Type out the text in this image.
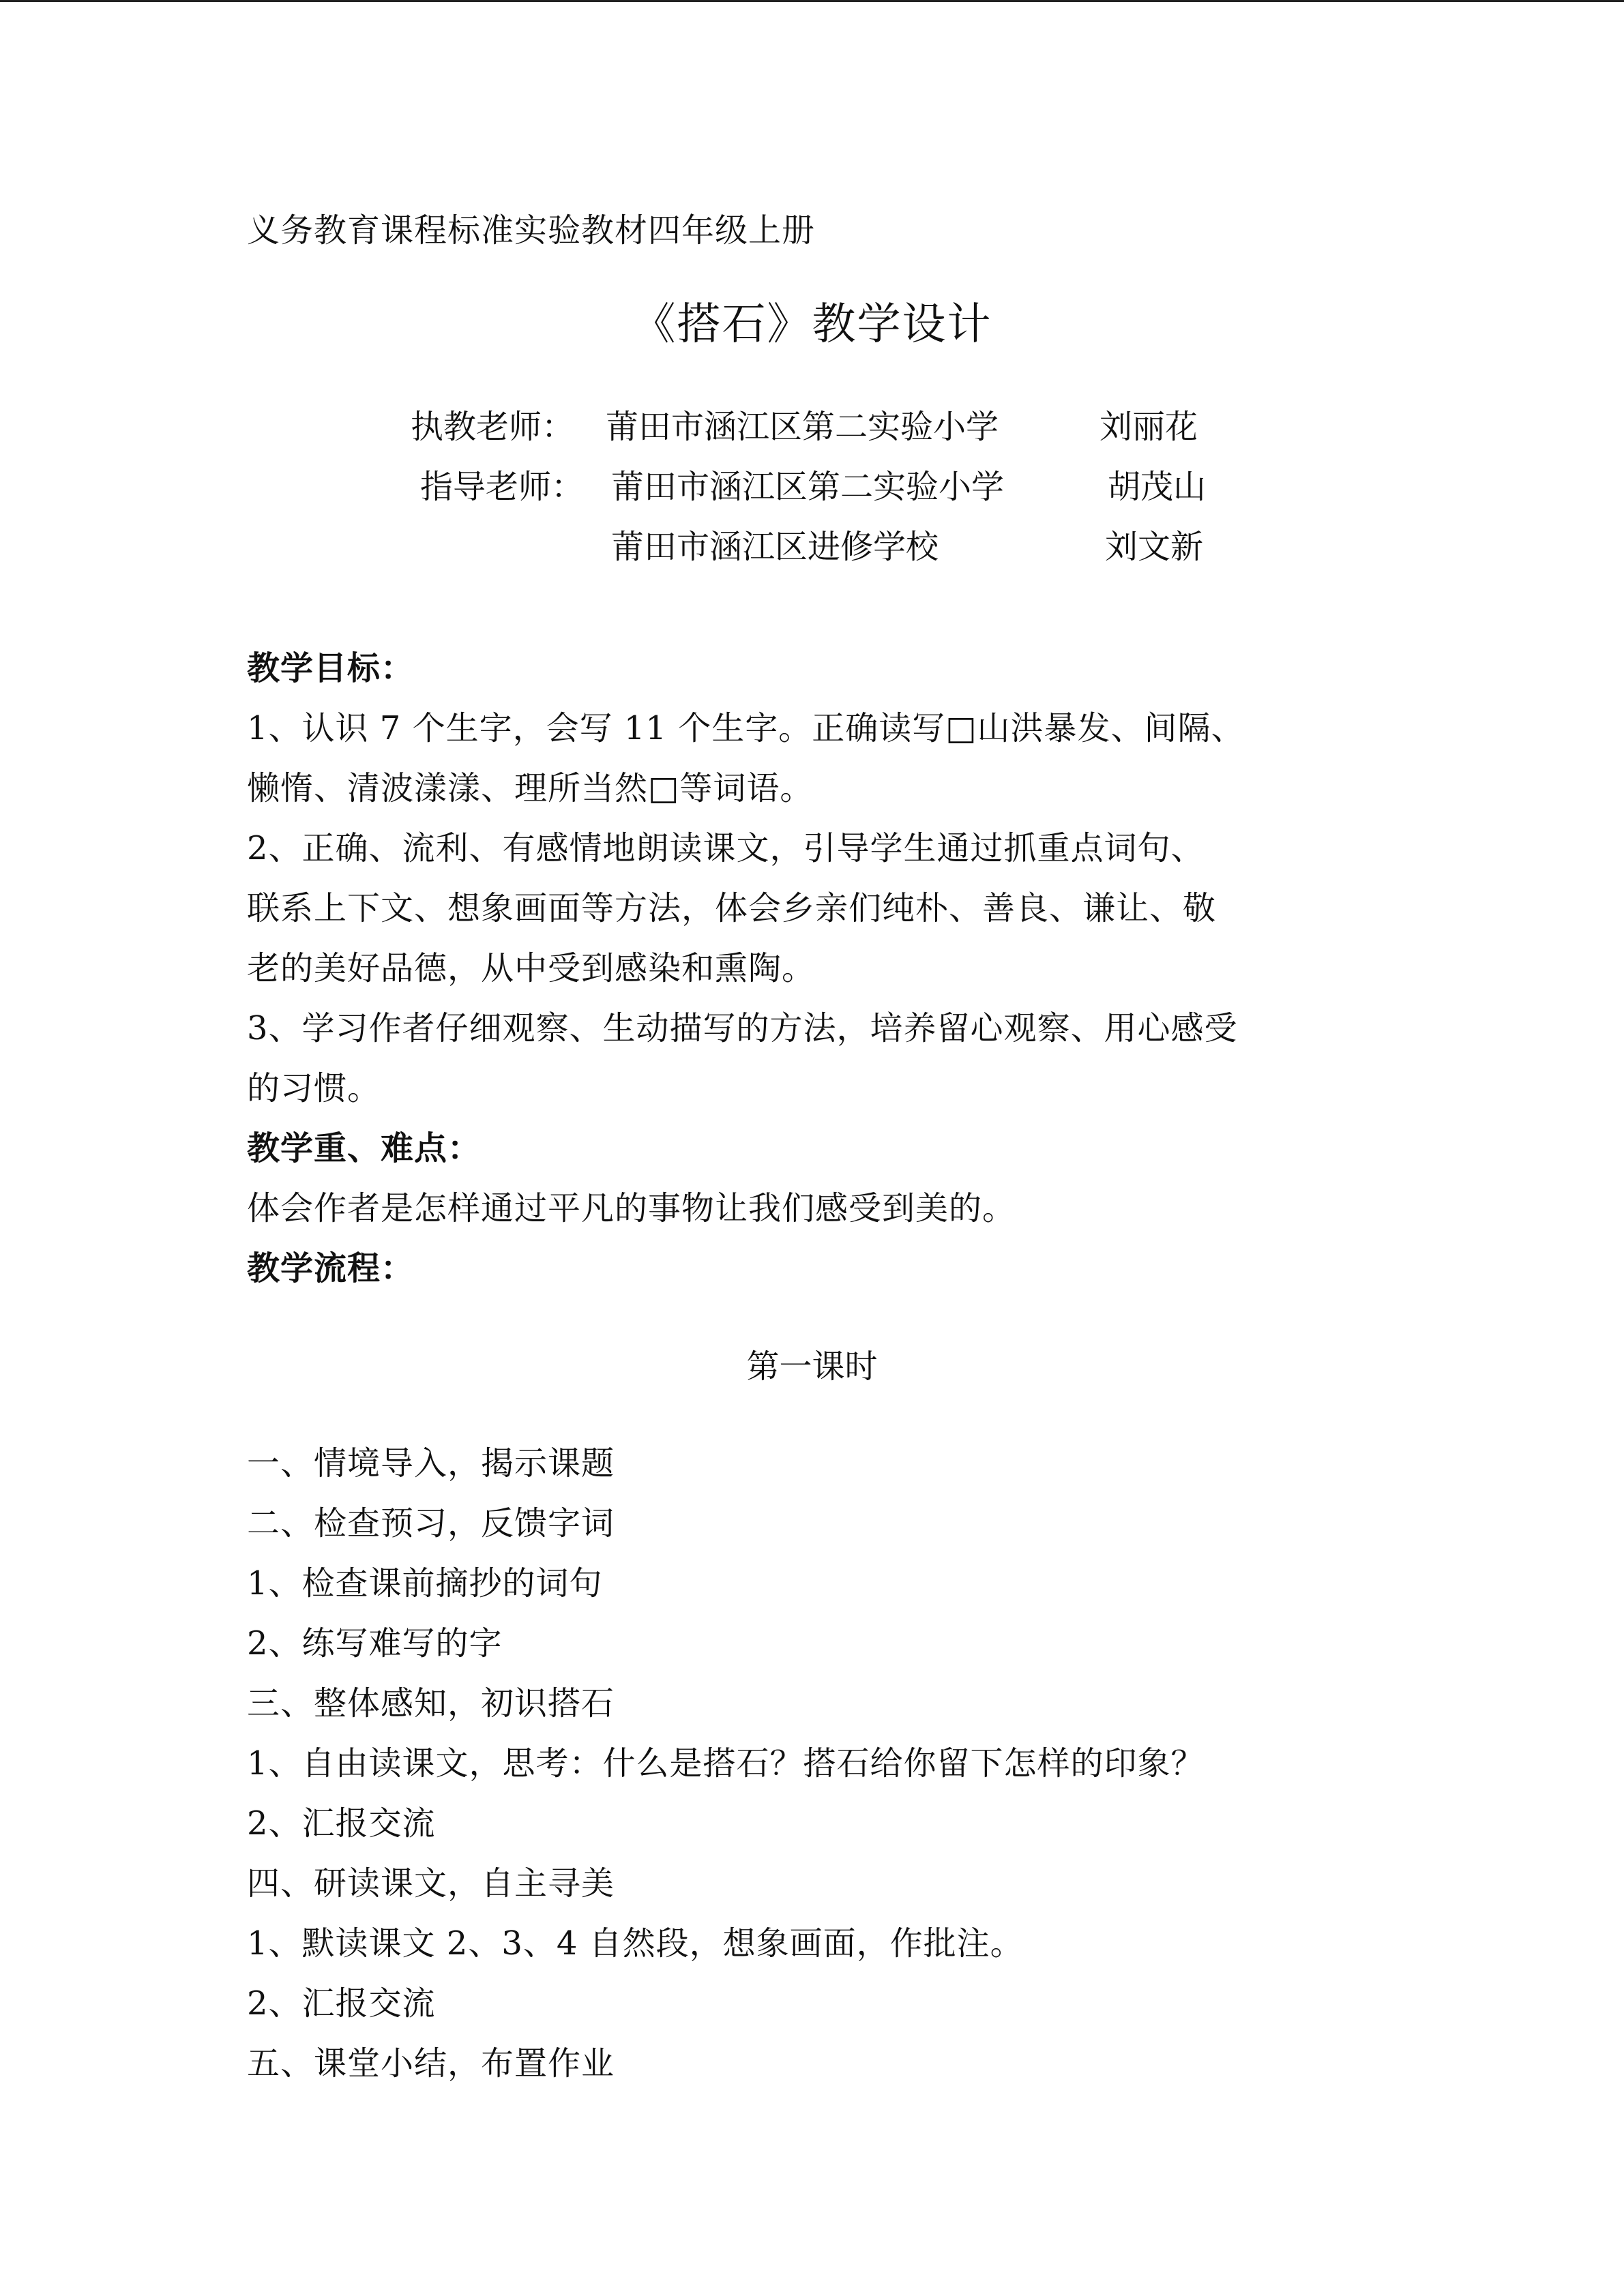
义务教育课程标准实验教材四年级上册
《搭石》教学设计
执教老师： 莆田市涵江区第二实验小学	刘丽花
指导老师： 莆田市涵江区第二实验小学	胡茂山
莆田市涵江区进修学校	刘文新
教学目标：
1、认识 7 个生字，会写 11 个生字。正确读写□山洪暴发、间隔、
懒惰、清波漾漾、理所当然□等词语。
2、正确、流利、有感情地朗读课文，引导学生通过抓重点词句、
联系上下文、想象画面等方法，体会乡亲们纯朴、善良、谦让、敬
老的美好品德，从中受到感染和熏陶。
3、学习作者仔细观察、生动描写的方法，培养留心观察、用心感受
的习惯。
教学重、难点：
体会作者是怎样通过平凡的事物让我们感受到美的。
教学流程：
第一课时
一、情境导入，揭示课题
二、检查预习，反馈字词
1、检查课前摘抄的词句
2、练写难写的字
三、整体感知，初识搭石
1、自由读课文，思考：什么是搭石？搭石给你留下怎样的印象？
2、汇报交流
四、研读课文，自主寻美
1、默读课文 2、3、4 自然段，想象画面，作批注。
2、汇报交流
五、课堂小结，布置作业
